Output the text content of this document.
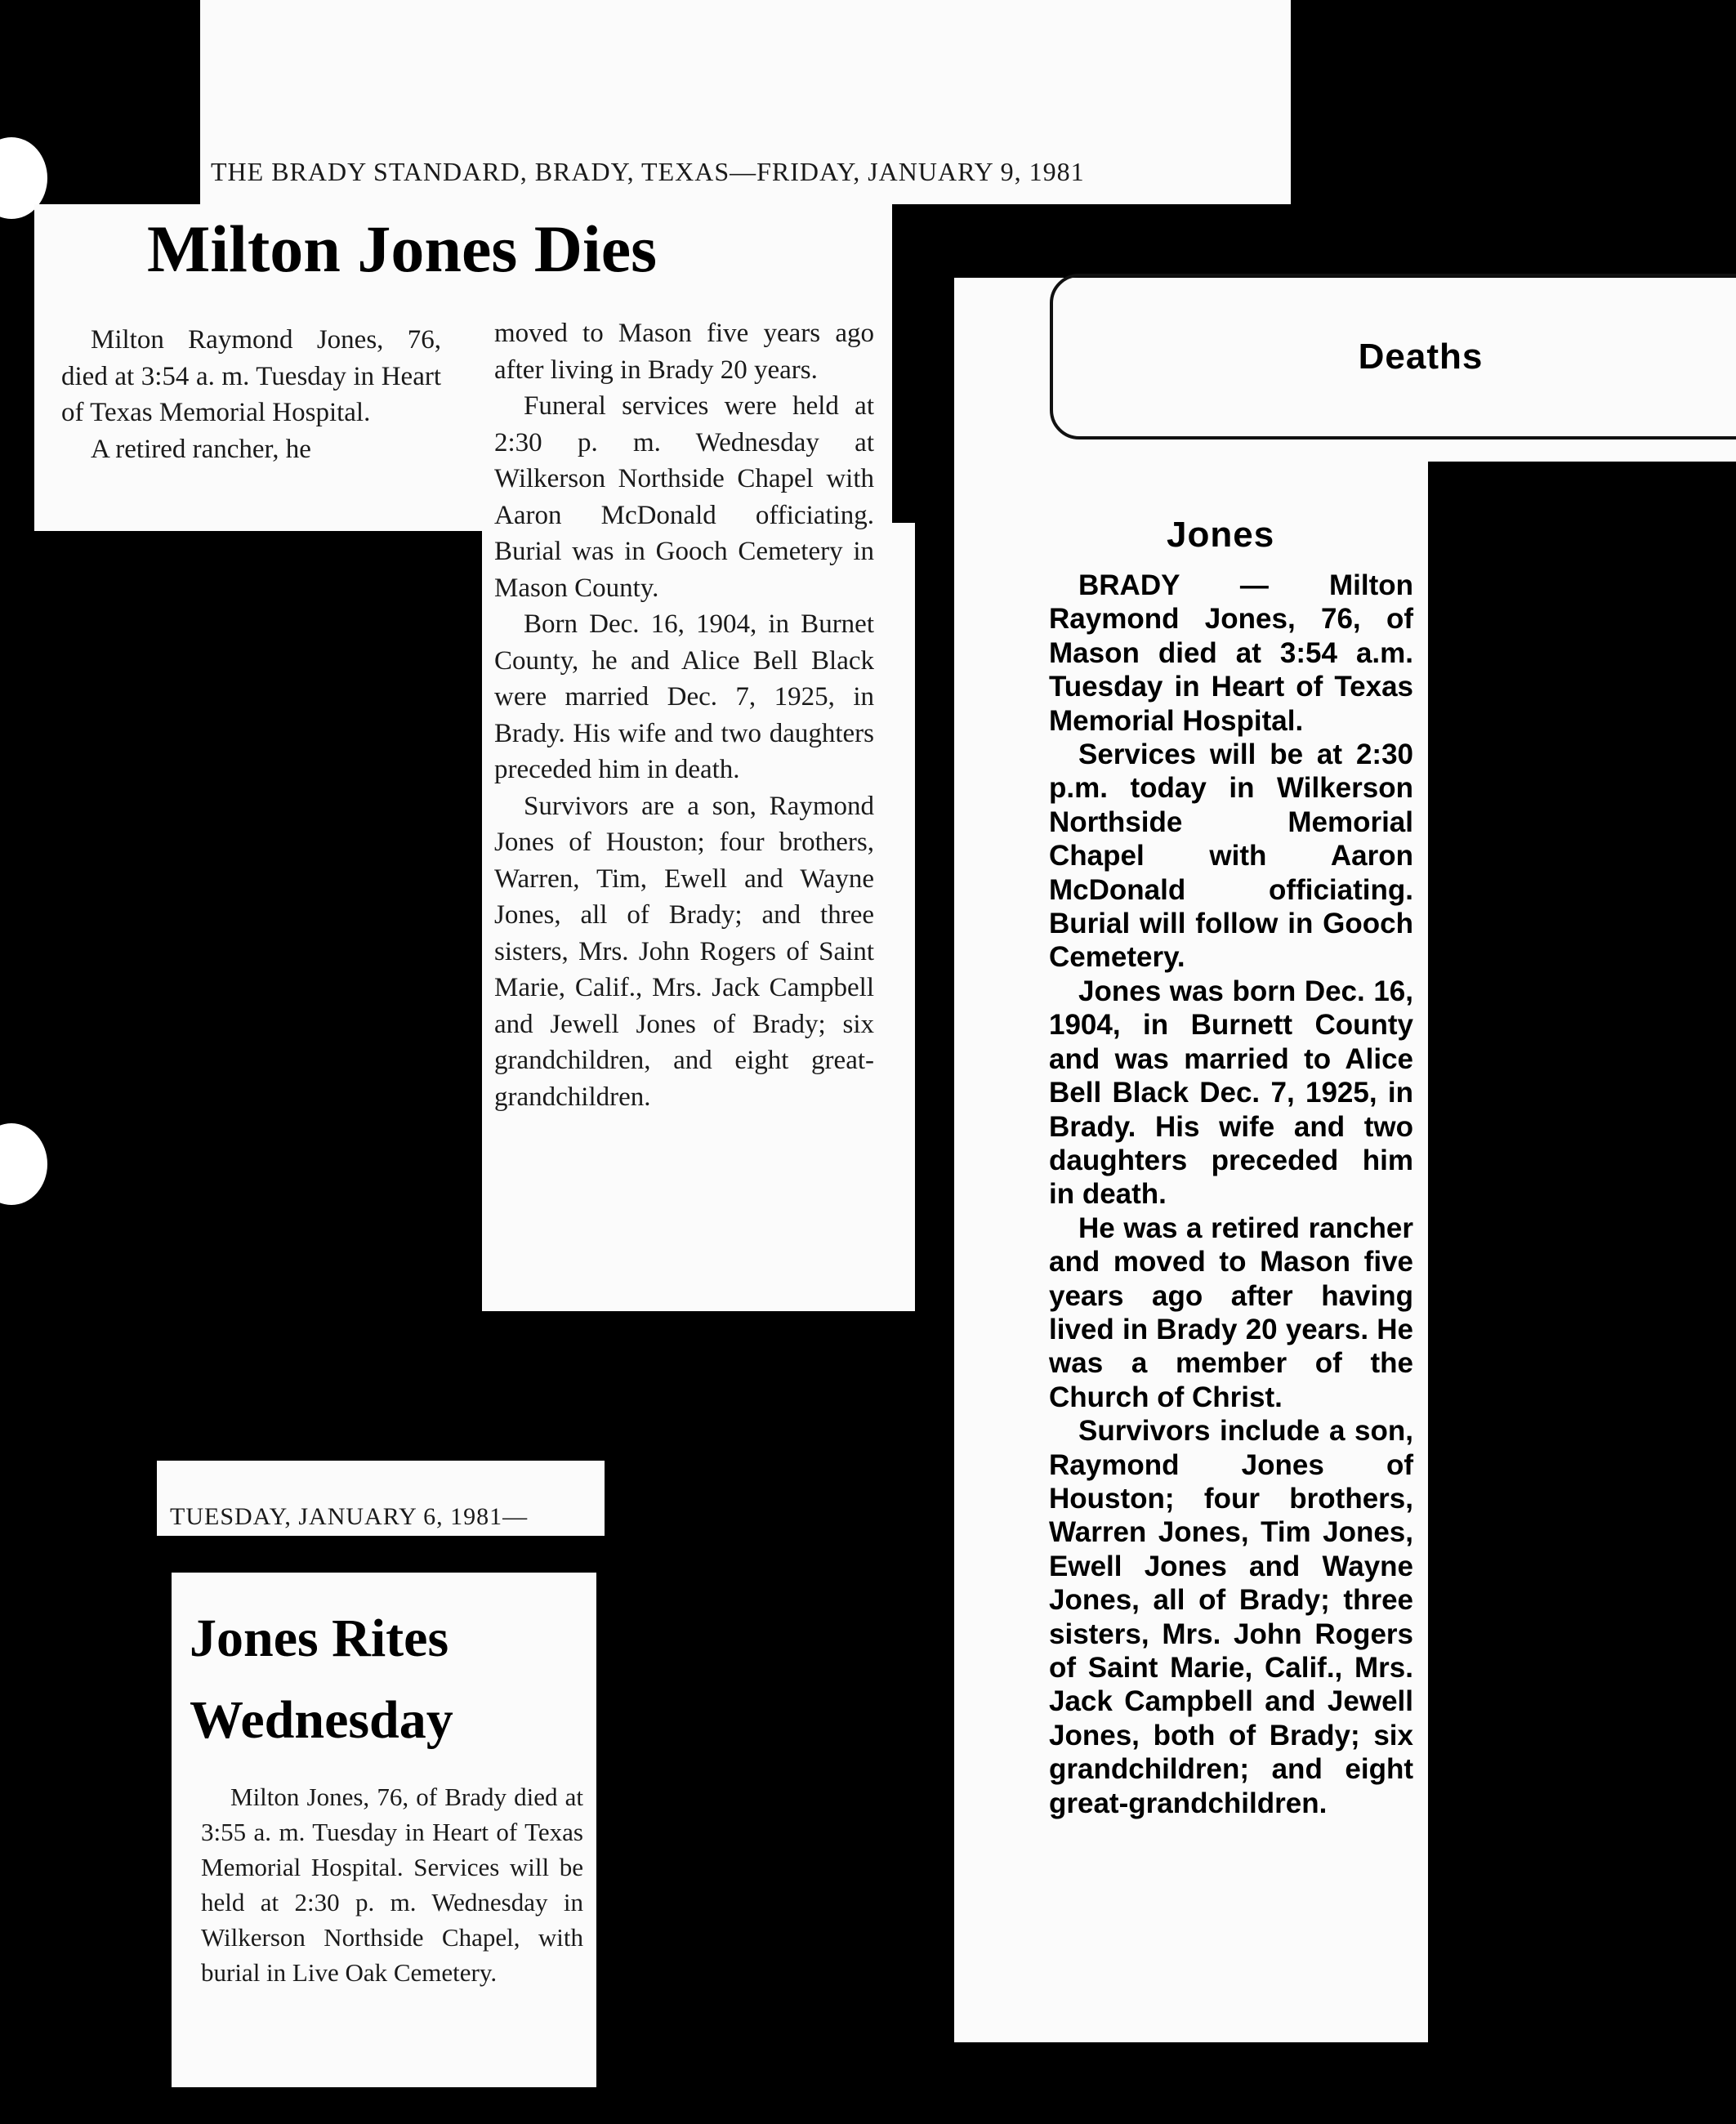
THE BRADY STANDARD, BRADY, TEXAS—FRIDAY, JANUARY 9, 1981
Milton Jones Dies

Milton Raymond Jones, 76, died at 3:54 a. m. Tuesday in Heart of Texas Memorial Hospital.

A retired rancher, he

moved to Mason five years ago after living in Brady 20 years.

Funeral services were held at 2:30 p. m. Wednesday at Wilkerson Northside Chapel with Aaron McDonald officiating. Burial was in Gooch Cemetery in Mason County.

Born Dec. 16, 1904, in Burnet County, he and Alice Bell Black were married Dec. 7, 1925, in Brady. His wife and two daughters preceded him in death.

Survivors are a son, Raymond Jones of Houston; four brothers, Warren, Tim, Ewell and Wayne Jones, all of Brady; and three sisters, Mrs. John Rogers of Saint Marie, Calif., Mrs. Jack Campbell and Jewell Jones of Brady; six grandchildren, and eight great-grandchildren.

Deaths
Jones

BRADY — Milton Raymond Jones, 76, of Mason died at 3:54 a.m. Tuesday in Heart of Texas Memorial Hospital.

Services will be at 2:30 p.m. today in Wilkerson Northside Memorial Chapel with Aaron McDonald officiating. Burial will follow in Gooch Cemetery.

Jones was born Dec. 16, 1904, in Burnett County and was married to Alice Bell Black Dec. 7, 1925, in Brady. His wife and two daughters preceded him in death.

He was a retired rancher and moved to Mason five years ago after having lived in Brady 20 years. He was a member of the Church of Christ.

Survivors include a son, Raymond Jones of Houston; four brothers, Warren Jones, Tim Jones, Ewell Jones and Wayne Jones, all of Brady; three sisters, Mrs. John Rogers of Saint Marie, Calif., Mrs. Jack Campbell and Jewell Jones, both of Brady; six grandchildren; and eight great-grandchildren.

TUESDAY, JANUARY 6, 1981—
Jones Rites
Wednesday

Milton Jones, 76, of Brady died at 3:55 a. m. Tuesday in Heart of Texas Memorial Hospital. Services will be held at 2:30 p. m. Wednesday in Wilkerson Northside Chapel, with burial in Live Oak Cemetery.
